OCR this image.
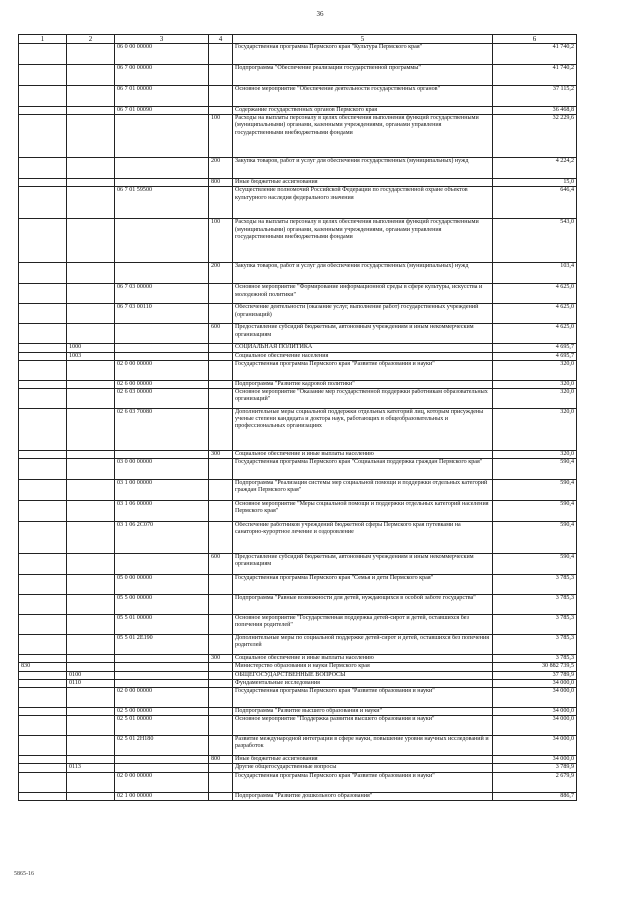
36
1	2	3	4	5	6
		06 0 00 00000		Государственная программа Пермского края "Культура Пермского края"	41 740,2
		06 7 00 00000		Подпрограмма "Обеспечение реализации государственной программы"	41 740,2
		06 7 01 00000		Основное мероприятие "Обеспечение деятельности государственных органов"	37 115,2
		06 7 01 00090		Содержание государственных органов Пермского края	36 468,8
			100	Расходы на выплаты персоналу в целях обеспечения выполнения функций государственными (муниципальными) органами, казенными учреждениями, органами управления государственными внебюджетными фондами	32 229,6
			200	Закупка товаров, работ и услуг для обеспечения государственных (муниципальных) нужд	4 224,2
			800	Иные бюджетные ассигнования	15,0
		06 7 01 59500		Осуществление полномочий Российской Федерации по государственной охране объектов культурного наследия федерального значения	646,4
			100	Расходы на выплаты персоналу в целях обеспечения выполнения функций государственными (муниципальными) органами, казенными учреждениями, органами управления государственными внебюджетными фондами	543,0
			200	Закупка товаров, работ и услуг для обеспечения государственных (муниципальных) нужд	103,4
		06 7 03 00000		Основное мероприятие "Формирование информационной среды в сфере культуры, искусства и молодежной политики"	4 625,0
		06 7 03 00110		Обеспечение деятельности (оказание услуг, выполнение работ) государственных учреждений (организаций)	4 625,0
			600	Предоставление субсидий бюджетным, автономным учреждениям и иным некоммерческим организациям	4 625,0
	1000			СОЦИАЛЬНАЯ ПОЛИТИКА	4 695,7
	1003			Социальное обеспечение населения	4 695,7
		02 0 00 00000		Государственная программа Пермского края "Развитие образования и науки"	320,0
		02 6 00 00000		Подпрограмма "Развитие кадровой политики"	320,0
		02 6 03 00000		Основное мероприятие "Оказание мер государственной поддержки работникам образовательных организаций"	320,0
		02 6 03 70080		Дополнительные меры социальной поддержки отдельных категорий лиц, которым присуждены ученые степени кандидата и доктора наук, работающих в общеобразовательных и профессиональных организациях	320,0
			300	Социальное обеспечение и иные выплаты населению	320,0
		03 0 00 00000		Государственная программа Пермского края "Социальная поддержка граждан Пермского края"	590,4
		03 1 00 00000		Подпрограмма "Реализация системы мер социальной помощи и поддержки отдельных категорий граждан Пермского края"	590,4
		03 1 06 00000		Основное мероприятие "Меры социальной помощи и поддержки отдельных категорий населения Пермского края"	590,4
		03 1 06 2С070		Обеспечение работников учреждений бюджетной сферы Пермского края путевками на санаторно-курортное лечение и оздоровление	590,4
			600	Предоставление субсидий бюджетным, автономным учреждениям и иным некоммерческим организациям	590,4
		05 0 00 00000		Государственная программа Пермского края "Семья и дети Пермского края"	3 785,3
		05 5 00 00000		Подпрограмма "Равные возможности для детей, нуждающихся в особой заботе государства"	3 785,3
		05 5 01 00000		Основное мероприятие "Государственная поддержка детей-сирот и детей, оставшихся без попечения родителей"	3 785,3
		05 5 01 2Е190		Дополнительные меры по социальной поддержке детей-сирот и детей, оставшихся без попечения родителей	3 785,3
			300	Социальное обеспечение и иные выплаты населению	3 785,3
830				Министерство образования и науки Пермского края	30 882 739,5
	0100			ОБЩЕГОСУДАРСТВЕННЫЕ ВОПРОСЫ	37 789,9
	0110			Фундаментальные исследования	34 000,0
		02 0 00 00000		Государственная программа Пермского края "Развитие образования и науки"	34 000,0
		02 5 00 00000		Подпрограмма "Развитие высшего образования и науки"	34 000,0
		02 5 01 00000		Основное мероприятие "Поддержка развития высшего образования и науки"	34 000,0
		02 5 01 2Н180		Развитие международной интеграции в сфере науки, повышение уровня научных исследований и разработок	34 000,0
			800	Иные бюджетные ассигнования	34 000,0
	0113			Другие общегосударственные вопросы	3 789,9
		02 0 00 00000		Государственная программа Пермского края "Развитие образования и науки"	2 679,9
		02 1 00 00000		Подпрограмма "Развитие дошкольного образования"	886,7
5865-16
